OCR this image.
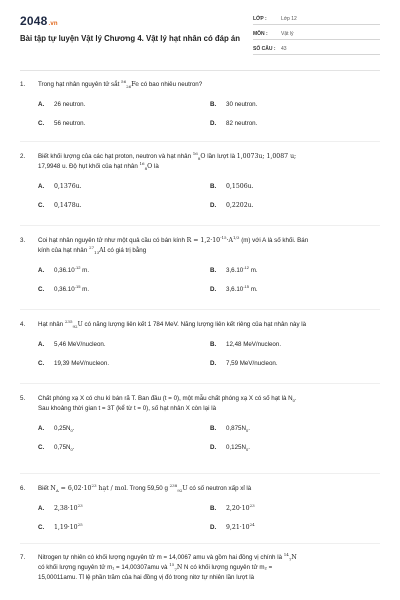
2048.vn
Bài tập tự luyện Vật lý Chương 4. Vật lý hạt nhân có đáp án
LỚP :	Lớp 12
MÔN :	Vật lý
SỐ CÂU :	43
1.	Trong hạt nhân nguyên tử sắt $^{56}_{26}$Fe có bao nhiêu neutron?
A. 26 neutron.	B. 30 neutron.
C. 56 neutron.	D. 82 neutron.
2.	Biết khối lượng của các hạt proton, neutron và hạt nhân $^{16}_8$O lần lượt là 1,0073u; 1,0087 u;
17,9948 u. Độ hụt khối của hạt nhân $^{16}_8$O là
A. 0,1376u.	B. 0,1506u.
C. 0,1478u.	D. 0,2202u.
3.	Coi hạt nhân nguyên tử như một quả cầu có bán kính $R = 1,2\cdot 10^{-15}\cdot A^{1/3}$ (m) với A là số khối. Bán
kính của hạt nhân $^{27}_{13}$Al có giá trị bằng
A. $0,36.10^{-12}$ m.	B. $3,6.10^{-12}$ m.
C. $0,36.10^{-15}$ m.	D. $3,6.10^{-15}$ m.
4.	Hạt nhân $^{235}_{92}$U có năng lượng liên kết 1 784 MeV. Năng lượng liên kết riêng của hạt nhân này là
A. 5,46 MeV/nucleon.	B. 12,48 MeV/nucleon.
C. 19,39 MeV/nucleon.	D. 7,59 MeV/nucleon.
5.	Chất phóng xạ X có chu kì bán rã T. Ban đầu (t = 0), một mẫu chất phóng xạ X có số hạt là $N_0$.
Sau khoảng thời gian t = 3T (kể từ t = 0), số hạt nhân X còn lại là
A. $0,25N_0$.	B. $0,875N_0$.
C. $0,75N_0$.	D. $0,125N_0$.
6.	Biết $N_A = 6,02\cdot 10^{23}$ hạt / mol. Trong 59,50 g $^{238}_{92}$U có số neutron xấp xỉ là
A. $2,38\cdot 10^{23}$	B. $2,20\cdot 10^{23}$
C. $1,19\cdot 10^{25}$	D. $9,21\cdot 10^{24}$
7.	Nitrogen tự nhiên có khối lượng nguyên tử m = 14,0067 amu và gồm hai đồng vị chính là $^{14}_7$N
có khối lượng nguyên tử m₁ = 14,00307amu và $^{15}_7$N N có khối lượng nguyên tử m₂ =
15,00011amu. Tỉ lệ phần trăm của hai đồng vị đó trong nitơ tự nhiên lần lượt là
